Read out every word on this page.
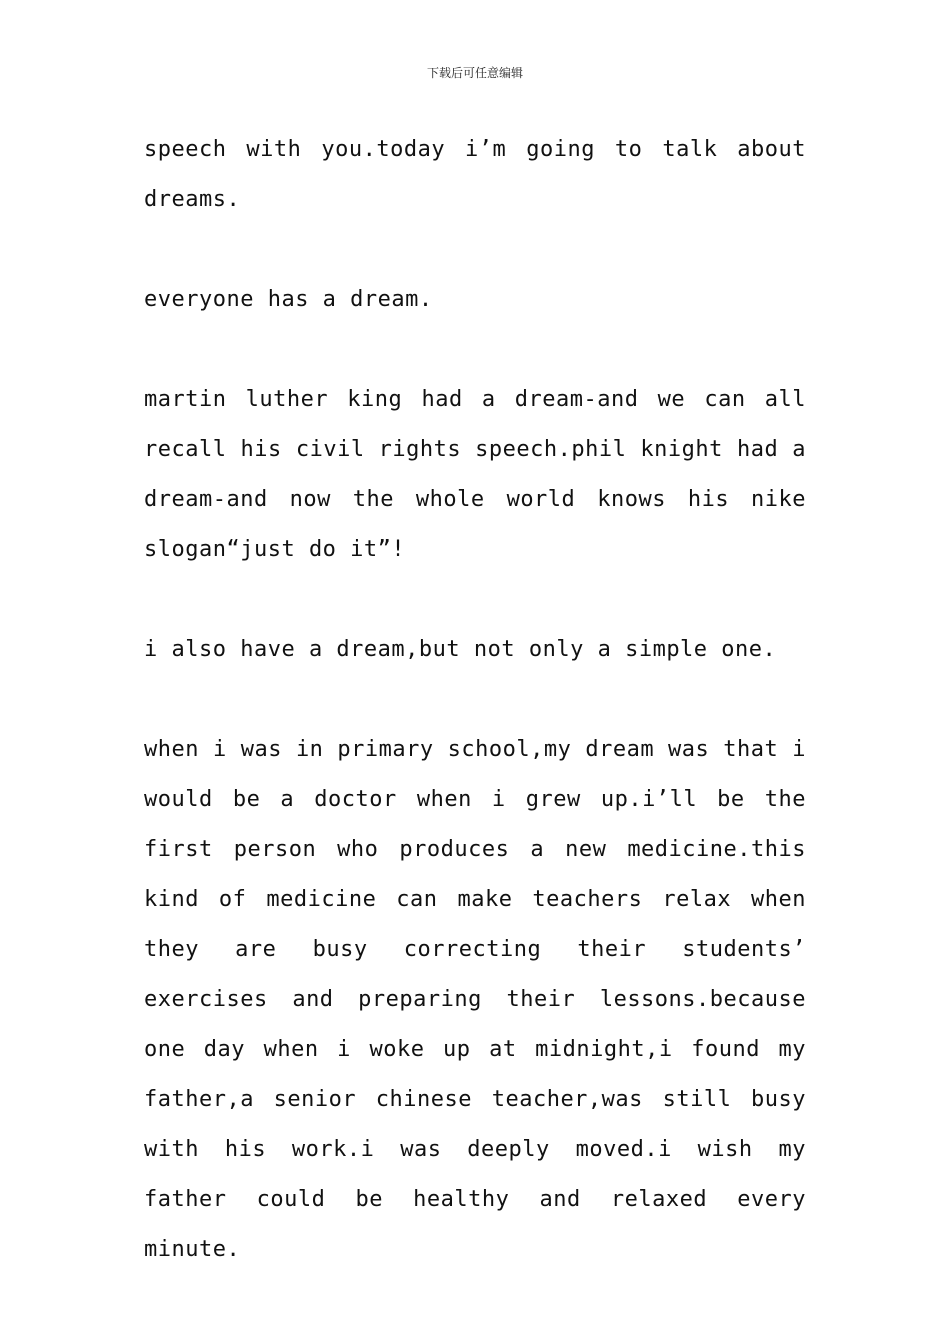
下载后可任意编辑

speech with you.today i’m going to talk about dreams.

everyone has a dream.

martin luther king had a dream-and we can all recall his civil rights speech.phil knight had a dream-and now the whole world knows his nike slogan“just do it”!

i also have a dream,but not only a simple one.

when i was in primary school,my dream was that i would be a doctor when i grew up.i’ll be the first person who produces a new medicine.this kind of medicine can make teachers relax when they are busy correcting their students’ exercises and preparing their lessons.because one day when i woke up at midnight,i found my father,a senior chinese teacher,was still busy with his work.i was deeply moved.i wish my father could be healthy and relaxed every minute.
